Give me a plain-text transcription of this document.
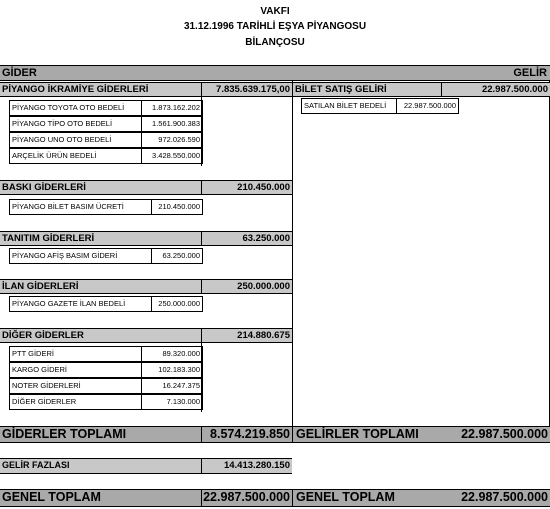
VAKFI
31.12.1996 TARİHLİ EŞYA PİYANGOSU
BİLANÇOSU
GİDER	GELİR
BİLET SATIŞ GELİRİ	22.987.500.000
SATILAN BİLET BEDELİ 22.987.500.000
PİYANGO İKRAMİYE GİDERLERİ	7.835.639.175,00
PİYANGO TOYOTA OTO BEDELİ	1.873.162.202
PİYANGO TİPO OTO BEDELİ	1.561.900.383
PİYANGO UNO OTO BEDELİ	972.026.590
ARÇELİK ÜRÜN BEDELİ	3.428.550.000
BASKI GİDERLERİ	210.450.000
PİYANGO BİLET BASIM ÜCRETİ	210.450.000
TANITIM GİDERLERİ	63.250.000
PİYANGO AFİŞ BASIM GİDERİ	63.250.000
İLAN GİDERLERİ	250.000.000
PİYANGO GAZETE İLAN BEDELİ	250.000.000
DİĞER GİDERLER	214.880.675
PTT GİDERİ	89.320.000
KARGO GİDERİ	102.183.300
NOTER GİDERLERİ	16.247.375
DİĞER GİDERLER	7.130.000
GİDERLER TOPLAMI	8.574.219.850 GELİRLER TOPLAMI	22.987.500.000
GELİR FAZLASI	14.413.280.150
GENEL TOPLAM	22.987.500.000 GENEL TOPLAM	22.987.500.000
